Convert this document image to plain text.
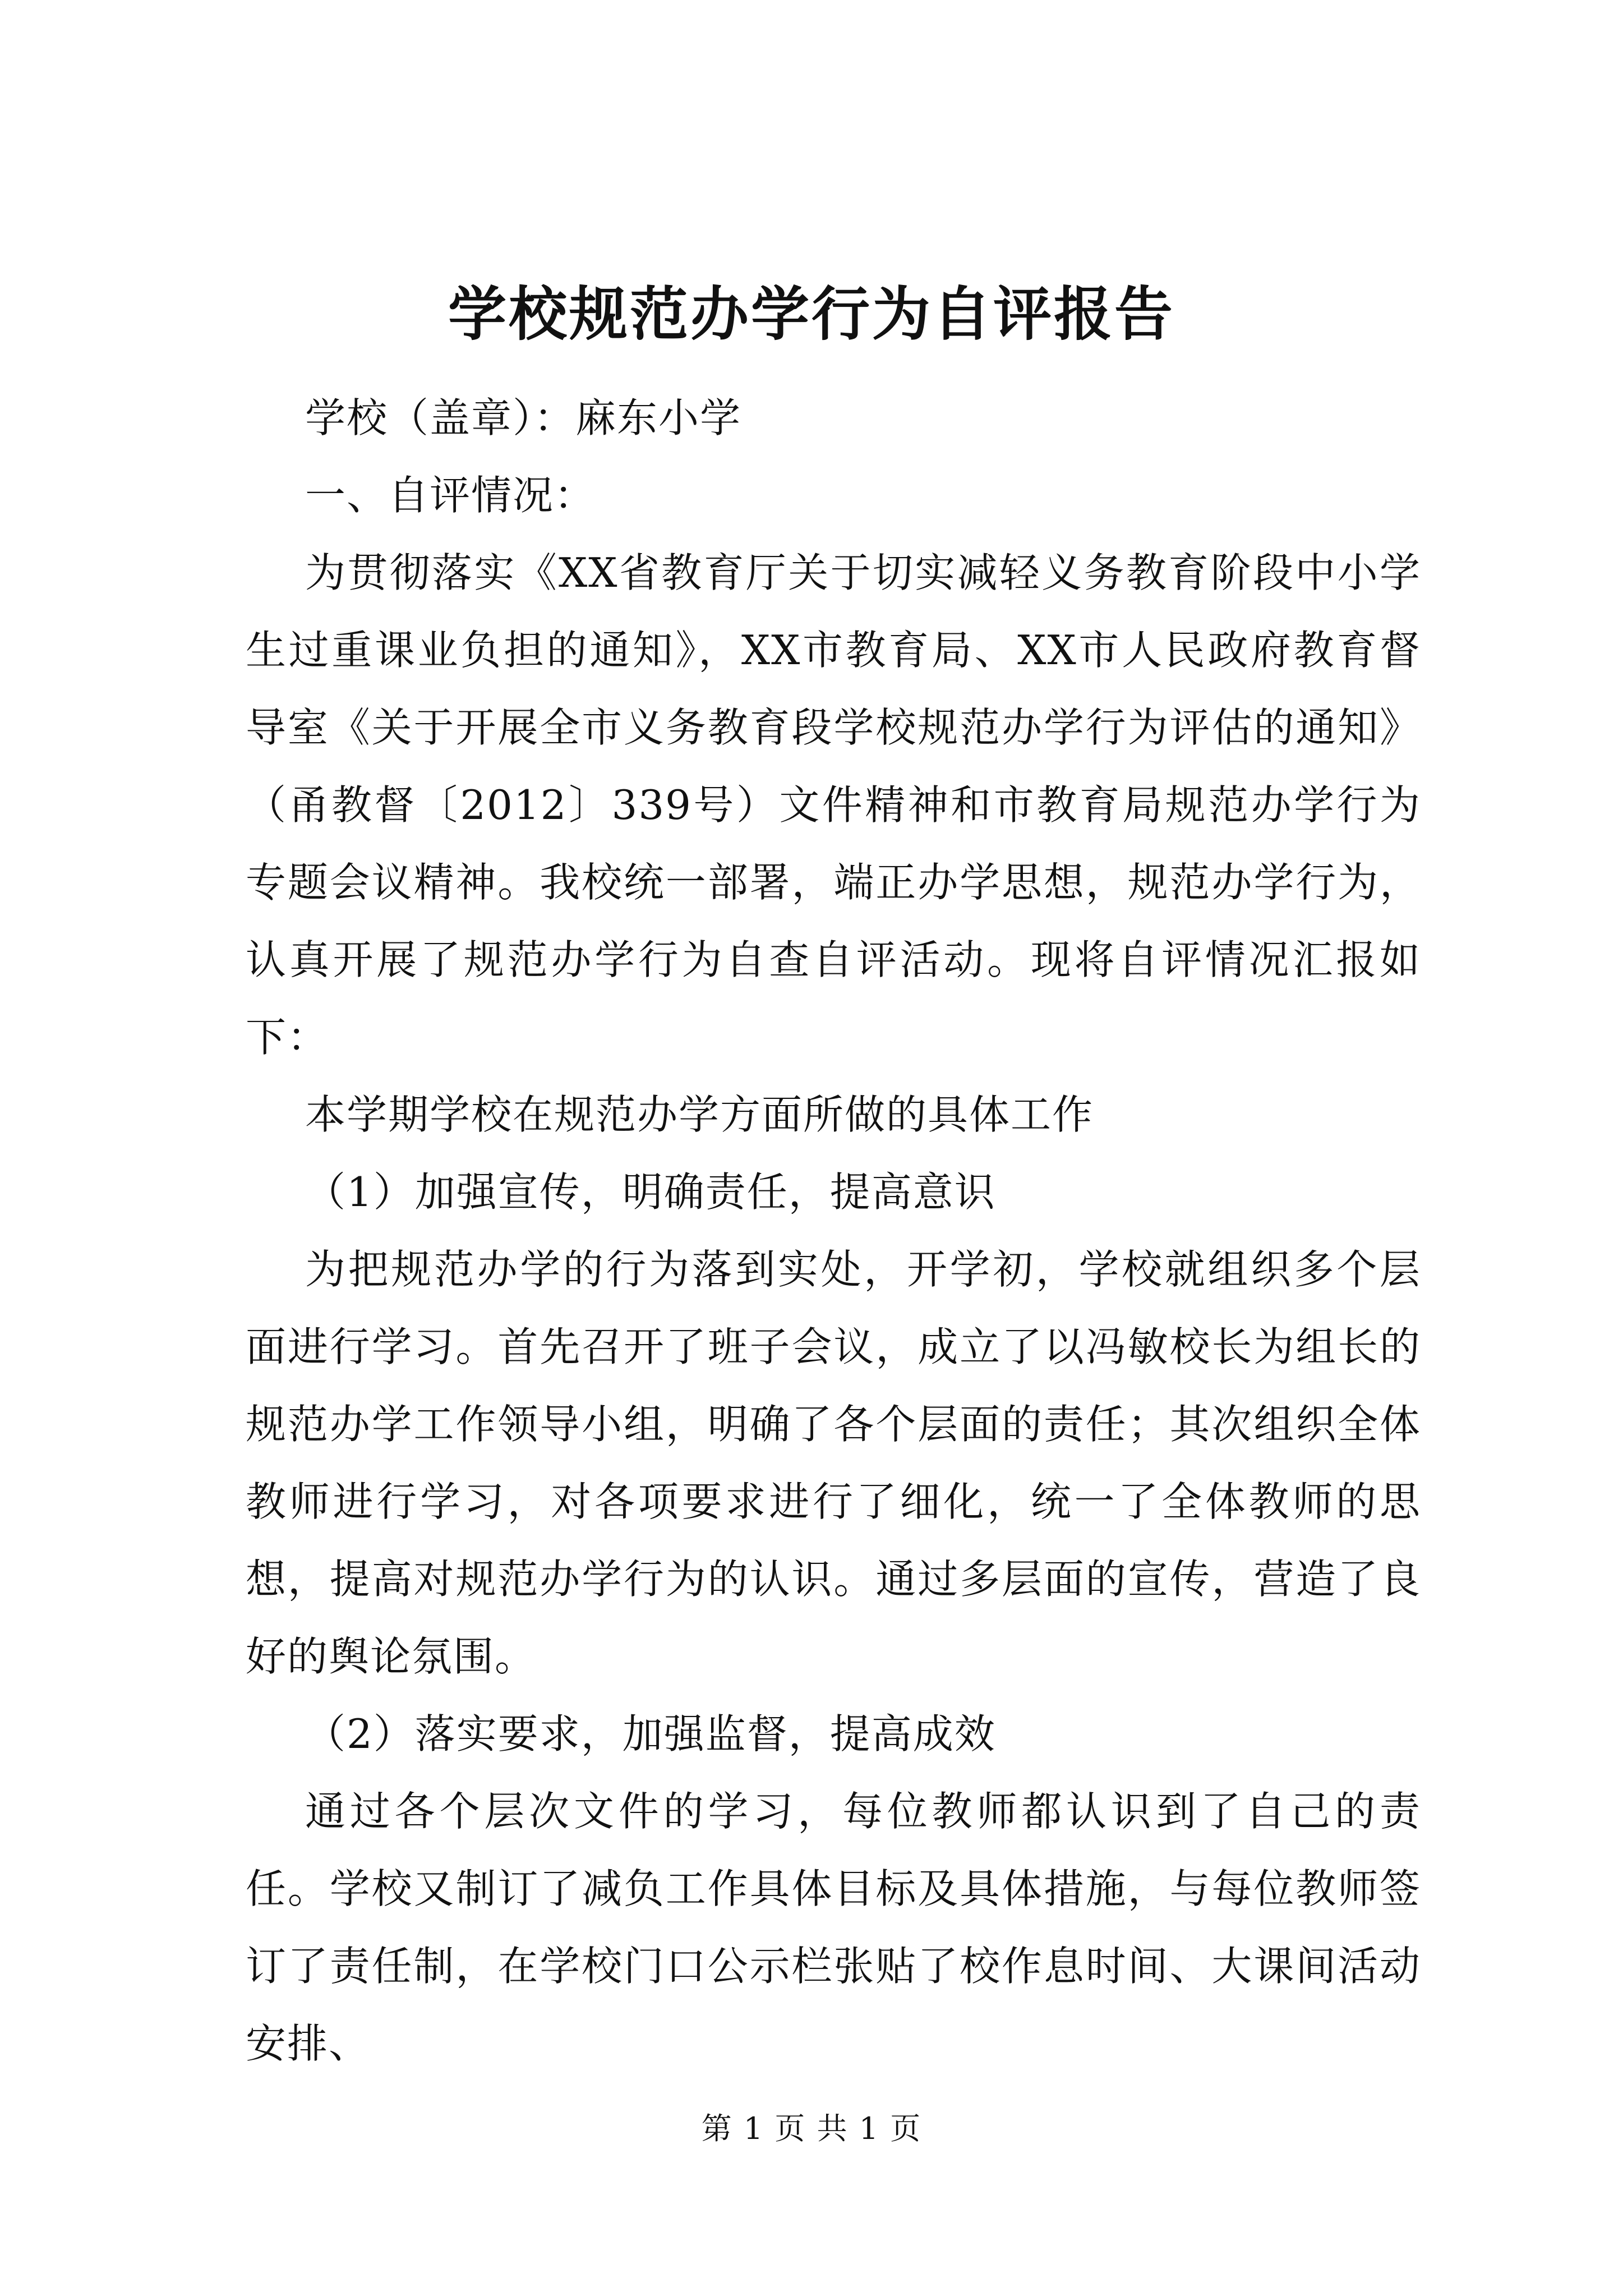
学校规范办学行为自评报告

学校（盖章）：麻东小学

一、自评情况：

为贯彻落实《XX省教育厅关于切实减轻义务教育阶段中小学生过重课业负担的通知》，XX市教育局、XX市人民政府教育督导室《关于开展全市义务教育段学校规范办学行为评估的通知》（甬教督〔2012〕339号）文件精神和市教育局规范办学行为专题会议精神。我校统一部署，端正办学思想，规范办学行为，认真开展了规范办学行为自查自评活动。现将自评情况汇报如下：

本学期学校在规范办学方面所做的具体工作

（1）加强宣传，明确责任，提高意识

为把规范办学的行为落到实处，开学初，学校就组织多个层面进行学习。首先召开了班子会议，成立了以冯敏校长为组长的规范办学工作领导小组，明确了各个层面的责任；其次组织全体教师进行学习，对各项要求进行了细化，统一了全体教师的思想，提高对规范办学行为的认识。通过多层面的宣传，营造了良好的舆论氛围。

（2）落实要求，加强监督，提高成效

通过各个层次文件的学习，每位教师都认识到了自己的责任。学校又制订了减负工作具体目标及具体措施，与每位教师签订了责任制，在学校门口公示栏张贴了校作息时间、大课间活动安排、

第 1 页 共 1 页
